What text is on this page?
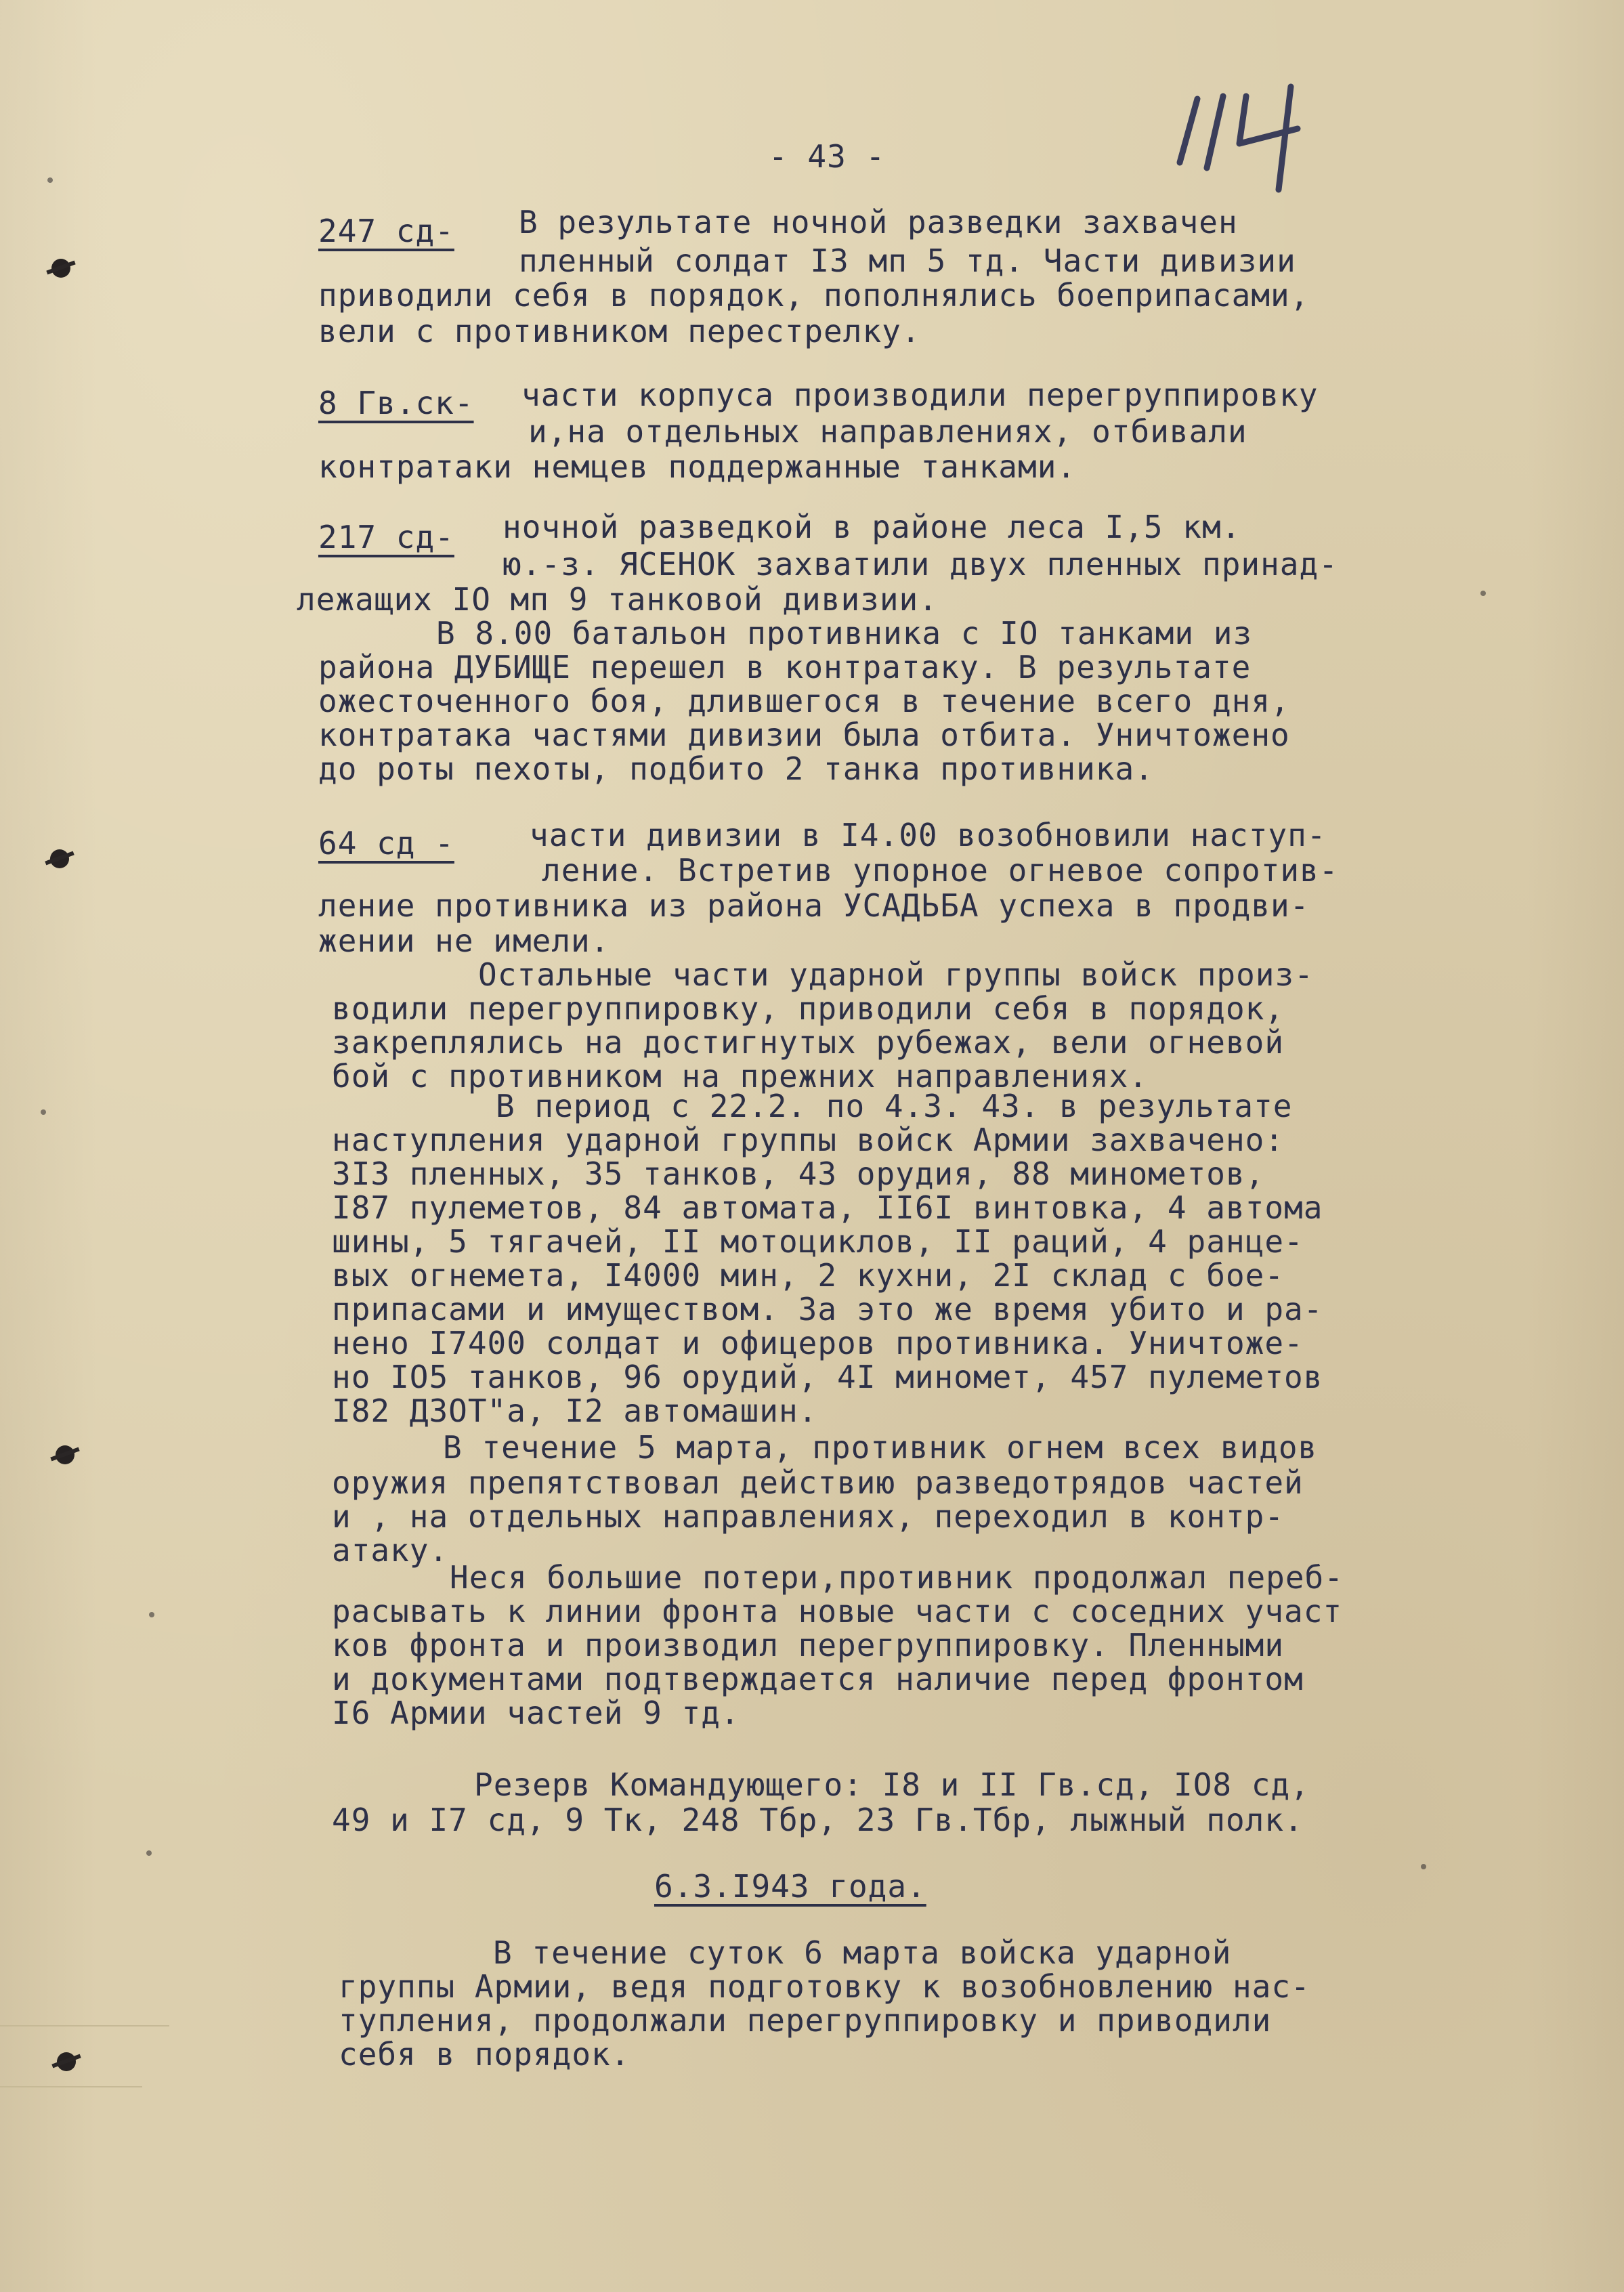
- 43 -
247 сд- В результате ночной разведки захвачен
пленный солдат I3 мп 5 тд. Части дивизии
приводили себя в порядок, пополнялись боеприпасами,
вели с противником перестрелку.
8 Гв.ск- части корпуса производили перегруппировку
и,на отдельных направлениях, отбивали
контратаки немцев поддержанные танками.
217 сд- ночной разведкой в районе леса I,5 км.
ю.-з. ЯСЕНОК захватили двух пленных принад-
лежащих IO мп 9 танковой дивизии.
В 8.00 батальон противника с IO танками из
района ДУБИЩЕ перешел в контратаку. В результате
ожесточенного боя, длившегося в течение всего дня,
контратака частями дивизии была отбита. Уничтожено
до роты пехоты, подбито 2 танка противника.
64 сд - части дивизии в I4.00 возобновили наступ-
ление. Встретив упорное огневое сопротив-
ление противника из района УСАДЬБА успеха в продви-
жении не имели.
Остальные части ударной группы войск произ-
водили перегруппировку, приводили себя в порядок,
закреплялись на достигнутых рубежах, вели огневой
бой с противником на прежних направлениях.
В период с 22.2. по 4.3. 43. в результате
наступления ударной группы войск Армии захвачено:
3I3 пленных, 35 танков, 43 орудия, 88 минометов,
I87 пулеметов, 84 автомата, II6I винтовка, 4 автома
шины, 5 тягачей, II мотоциклов, II раций, 4 ранце-
вых огнемета, I4000 мин, 2 кухни, 2I склад с бое-
припасами и имуществом. За это же время убито и ра-
нено I7400 солдат и офицеров противника. Уничтоже-
но IO5 танков, 96 орудий, 4I миномет, 457 пулеметов
I82 ДЗОТ"а, I2 автомашин.
В течение 5 марта, противник огнем всех видов
оружия препятствовал действию разведотрядов частей
и , на отдельных направлениях, переходил в контр-
атаку.
Неся большие потери,противник продолжал переб-
расывать к линии фронта новые части с соседних участ
ков фронта и производил перегруппировку. Пленными
и документами подтверждается наличие перед фронтом
I6 Армии частей 9 тд.
Резерв Командующего: I8 и II Гв.сд, IO8 сд,
49 и I7 сд, 9 Тк, 248 Тбр, 23 Гв.Тбр, лыжный полк.
6.3.I943 года.
В течение суток 6 марта войска ударной
группы Армии, ведя подготовку к возобновлению нас-
тупления, продолжали перегруппировку и приводили
себя в порядок.
